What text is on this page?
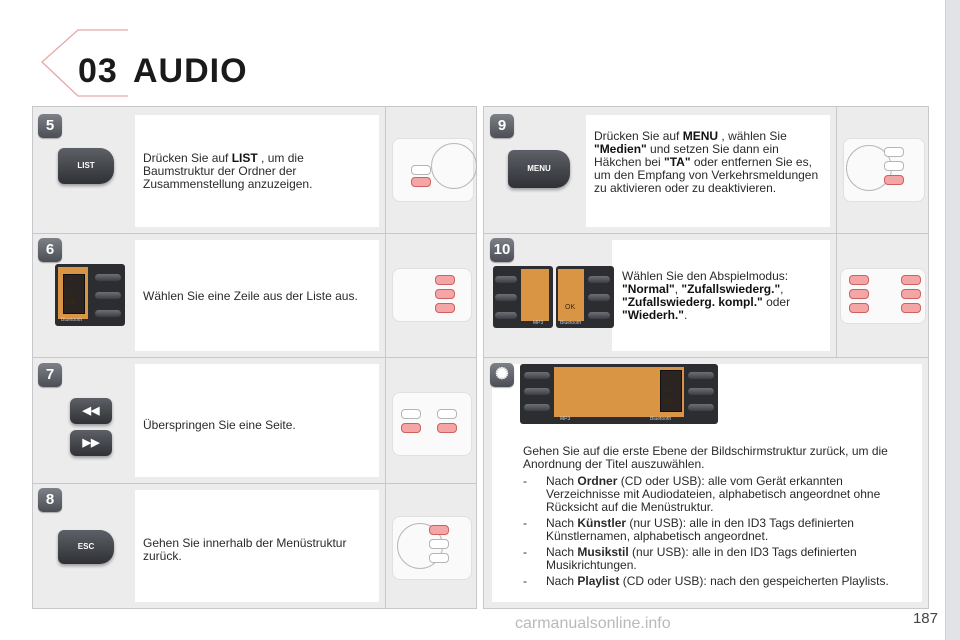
03 AUDIO
5
LIST
Drücken Sie auf LIST , um die Baumstruktur der Ordner der Zusammenstellung anzuzeigen.
6
⌃
⌄
OK
Bluetooth
Wählen Sie eine Zeile aus der Liste aus.
7
◀◀
▶▶
Überspringen Sie eine Seite.
8
ESC	Gehen Sie innerhalb der Menüstruktur zurück.
9
MENU
Drücken Sie auf MENU , wählen Sie "Medien" und setzen Sie dann ein Häkchen bei "TA" oder entfernen Sie es, um den Empfang von Verkehrsmeldungen zu aktivieren oder zu deaktivieren.
10
MP3
OK
Bluetooth
Wählen Sie den Abspielmodus: "Normal", "Zufallswiederg.", "Zufallswiederg. kompl." oder "Wiederh.".
✺	⌃
⌄
OK
MP3	Bluetooth
Gehen Sie auf die erste Ebene der Bildschirmstruktur zurück, um die Anordnung der Titel auszuwählen.
- Nach Ordner (CD oder USB): alle vom Gerät erkannten Verzeichnisse mit Audiodateien, alphabetisch angeordnet ohne Rücksicht auf die Menüstruktur.
- Nach Künstler (nur USB): alle in den ID3 Tags definierten Künstlernamen, alphabetisch angeordnet.
- Nach Musikstil (nur USB): alle in den ID3 Tags definierten Musikrichtungen.
- Nach Playlist (CD oder USB): nach den gespeicherten Playlists.
187
carmanualsonline.info
